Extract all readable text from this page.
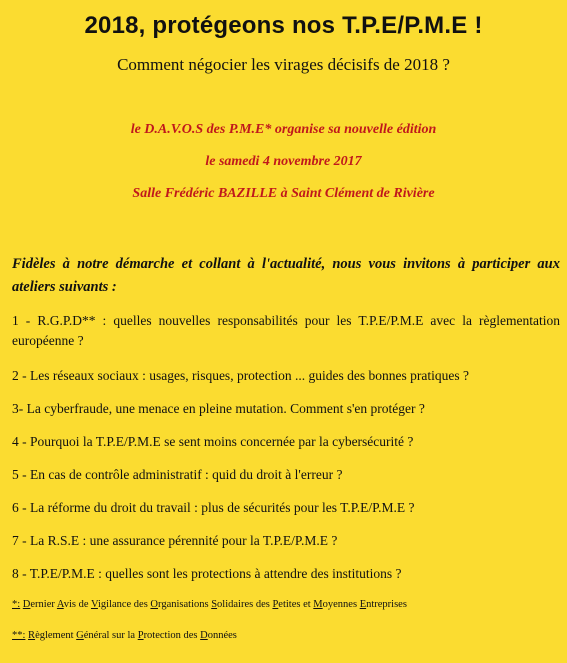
2018, protégeons nos T.P.E/P.M.E !
Comment négocier les virages décisifs de 2018 ?
le D.A.V.O.S des P.M.E* organise sa nouvelle édition
le samedi 4 novembre 2017
Salle Frédéric BAZILLE à Saint Clément de Rivière
Fidèles à notre démarche et collant à l'actualité, nous vous invitons à participer aux ateliers suivants :
1 - R.G.P.D** : quelles nouvelles responsabilités pour les T.P.E/P.M.E avec la règlementation européenne ?
2 - Les réseaux sociaux : usages, risques, protection ... guides des bonnes pratiques ?
3- La cyberfraude, une menace en pleine mutation. Comment s'en protéger ?
4 - Pourquoi la T.P.E/P.M.E se sent moins concernée par la cybersécurité ?
5 - En cas de contrôle administratif : quid du droit à l'erreur ?
6 - La réforme du droit du travail : plus de sécurités pour les T.P.E/P.M.E ?
7 - La R.S.E : une assurance pérennité pour la T.P.E/P.M.E ?
8 - T.P.E/P.M.E : quelles sont les protections à attendre des institutions ?
*: Dernier Avis de Vigilance des Organisations Solidaires des Petites et Moyennes Entreprises
**: Règlement Général sur la Protection des Données
